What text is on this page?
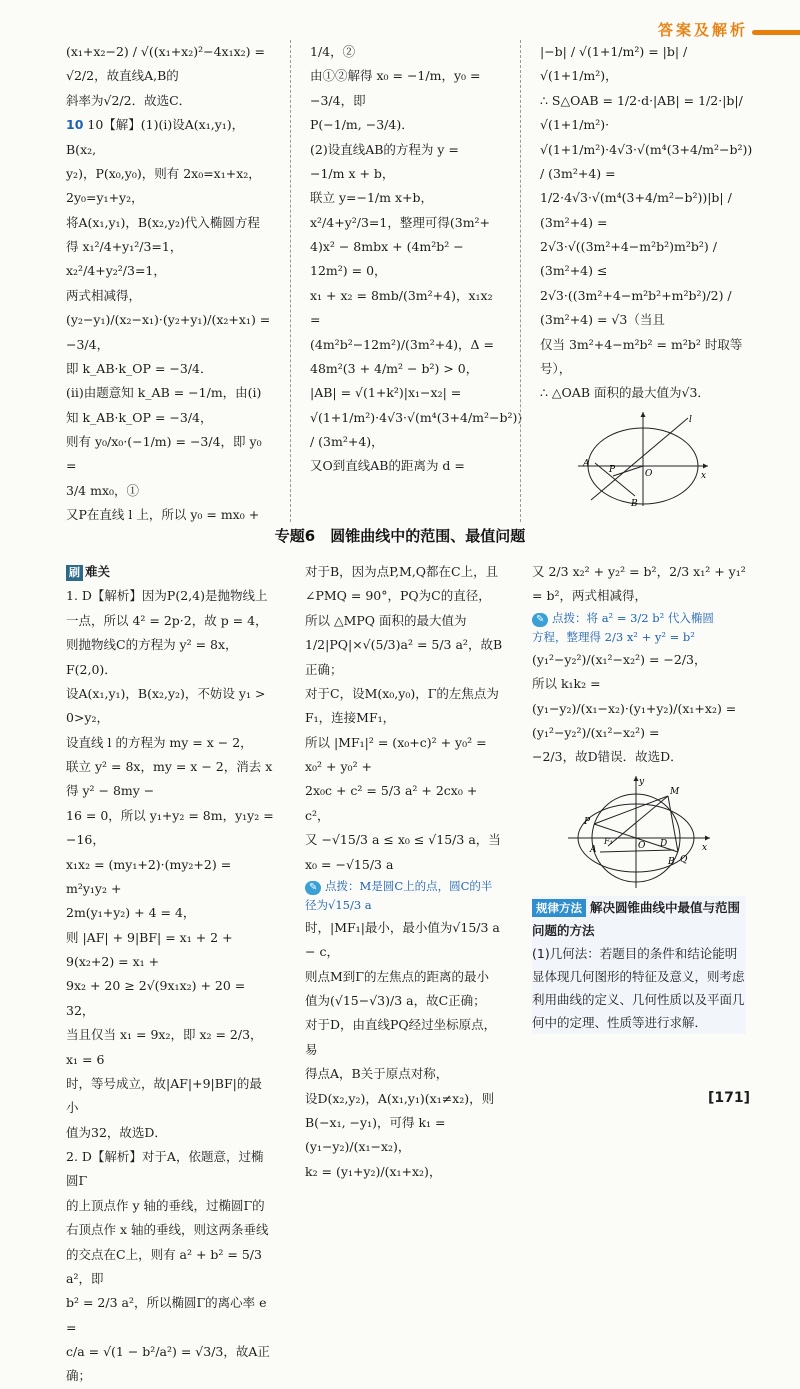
答案及解析

(x₁+x₂−2) / √((x₁+x₂)²−4x₁x₂) = √2/2，故直线A,B的

斜率为√2/2．故选C．

10 10【解】(1)(i)设A(x₁,y₁)，B(x₂,

y₂)，P(x₀,y₀)，则有 2x₀=x₁+x₂，2y₀=y₁+y₂，

将A(x₁,y₁)，B(x₂,y₂)代入椭圆方程

得 x₁²/4+y₁²/3=1，x₂²/4+y₂²/3=1，

两式相减得，(y₂−y₁)/(x₂−x₁)·(y₂+y₁)/(x₂+x₁) = −3/4，

即 k_AB·k_OP = −3/4．

(ii)由题意知 k_AB = −1/m，由(i)

知 k_AB·k_OP = −3/4，

则有 y₀/x₀·(−1/m) = −3/4，即 y₀ =

3/4 mx₀，①

又P在直线 l 上，所以 y₀ = mx₀ +

1/4，②

由①②解得 x₀ = −1/m，y₀ = −3/4，即

P(−1/m, −3/4)．

(2)设直线AB的方程为 y =

−1/m x + b，

联立 y=−1/m x+b，x²/4+y²/3=1，整理可得(3m²+

4)x² − 8mbx + (4m²b² − 12m²) = 0，

x₁ + x₂ = 8mb/(3m²+4)，x₁x₂ =

(4m²b²−12m²)/(3m²+4)，Δ = 48m²(3 + 4/m² − b²) > 0，

|AB| = √(1+k²)|x₁−x₂| =

√(1+1/m²)·4√3·√(m⁴(3+4/m²−b²)) / (3m²+4)，

又O到直线AB的距离为 d =

|−b| / √(1+1/m²) = |b| / √(1+1/m²)，

∴ S△OAB = 1/2·d·|AB| = 1/2·|b|/√(1+1/m²)·

√(1+1/m²)·4√3·√(m⁴(3+4/m²−b²)) / (3m²+4) =

1/2·4√3·√(m⁴(3+4/m²−b²))|b| / (3m²+4) =

2√3·√((3m²+4−m²b²)m²b²) / (3m²+4) ≤

2√3·((3m²+4−m²b²+m²b²)/2) / (3m²+4) = √3（当且

仅当 3m²+4−m²b² = m²b² 时取等号），

∴ △OAB 面积的最大值为√3．

l
A
P	O
B
x
专题6　圆锥曲线中的范围、最值问题

刷 难关

1. D【解析】因为P(2,4)是抛物线上

一点，所以 4² = 2p·2，故 p = 4，

则抛物线C的方程为 y² = 8x，F(2,0)．

设A(x₁,y₁)，B(x₂,y₂)，不妨设 y₁ >

0>y₂，

设直线 l 的方程为 my = x − 2，

联立 y² = 8x，my = x − 2，消去 x 得 y² − 8my −

16 = 0，所以 y₁+y₂ = 8m，y₁y₂ = −16，

x₁x₂ = (my₁+2)·(my₂+2) = m²y₁y₂ +

2m(y₁+y₂) + 4 = 4，

则 |AF| + 9|BF| = x₁ + 2 + 9(x₂+2) = x₁ +

9x₂ + 20 ≥ 2√(9x₁x₂) + 20 = 32，

当且仅当 x₁ = 9x₂，即 x₂ = 2/3，x₁ = 6

时，等号成立，故|AF|+9|BF|的最小

值为32，故选D．

2. D【解析】对于A，依题意，过椭圆Γ

的上顶点作 y 轴的垂线，过椭圆Γ的

右顶点作 x 轴的垂线，则这两条垂线

的交点在C上，则有 a² + b² = 5/3 a²，即

b² = 2/3 a²，所以椭圆Γ的离心率 e =

c/a = √(1 − b²/a²) = √3/3，故A正确；

对于B，因为点P,M,Q都在C上，且

∠PMQ = 90°，PQ为C的直径，

所以 △MPQ 面积的最大值为

1/2|PQ|×√(5/3)a² = 5/3 a²，故B正确；

对于C，设M(x₀,y₀)，Γ的左焦点为

F₁，连接MF₁，

所以 |MF₁|² = (x₀+c)² + y₀² = x₀² + y₀² +

2x₀c + c² = 5/3 a² + 2cx₀ + c²，

又 −√15/3 a ≤ x₀ ≤ √15/3 a，当 x₀ = −√15/3 a

✎ 点拨：M是圆C上的点，圆C的半径为√15/3 a

时，|MF₁|最小，最小值为√15/3 a − c，

则点M到Γ的左焦点的距离的最小

值为(√15−√3)/3 a，故C正确；

对于D，由直线PQ经过坐标原点，易

得点A，B关于原点对称，

设D(x₂,y₂)，A(x₁,y₁)(x₁≠x₂)，则

B(−x₁, −y₁)，可得 k₁ = (y₁−y₂)/(x₁−x₂)，

k₂ = (y₁+y₂)/(x₁+x₂)，

又 2/3 x₂² + y₂² = b²，2/3 x₁² + y₁² = b²，两式相减得，

✎ 点拨：将 a² = 3/2 b² 代入椭圆

方程，整理得 2/3 x² + y² = b²

(y₁²−y₂²)/(x₁²−x₂²) = −2/3，

所以 k₁k₂ = (y₁−y₂)/(x₁−x₂)·(y₁+y₂)/(x₁+x₂) = (y₁²−y₂²)/(x₁²−x₂²) =

−2/3，故D错误．故选D．

y
M
P
A
F₁	O D
B Q
x

规律方法 解决圆锥曲线中最值与范围问题的方法

(1)几何法：若题目的条件和结论能明显体现几何图形的特征及意义，则考虑利用曲线的定义、几何性质以及平面几何中的定理、性质等进行求解．

[171]
